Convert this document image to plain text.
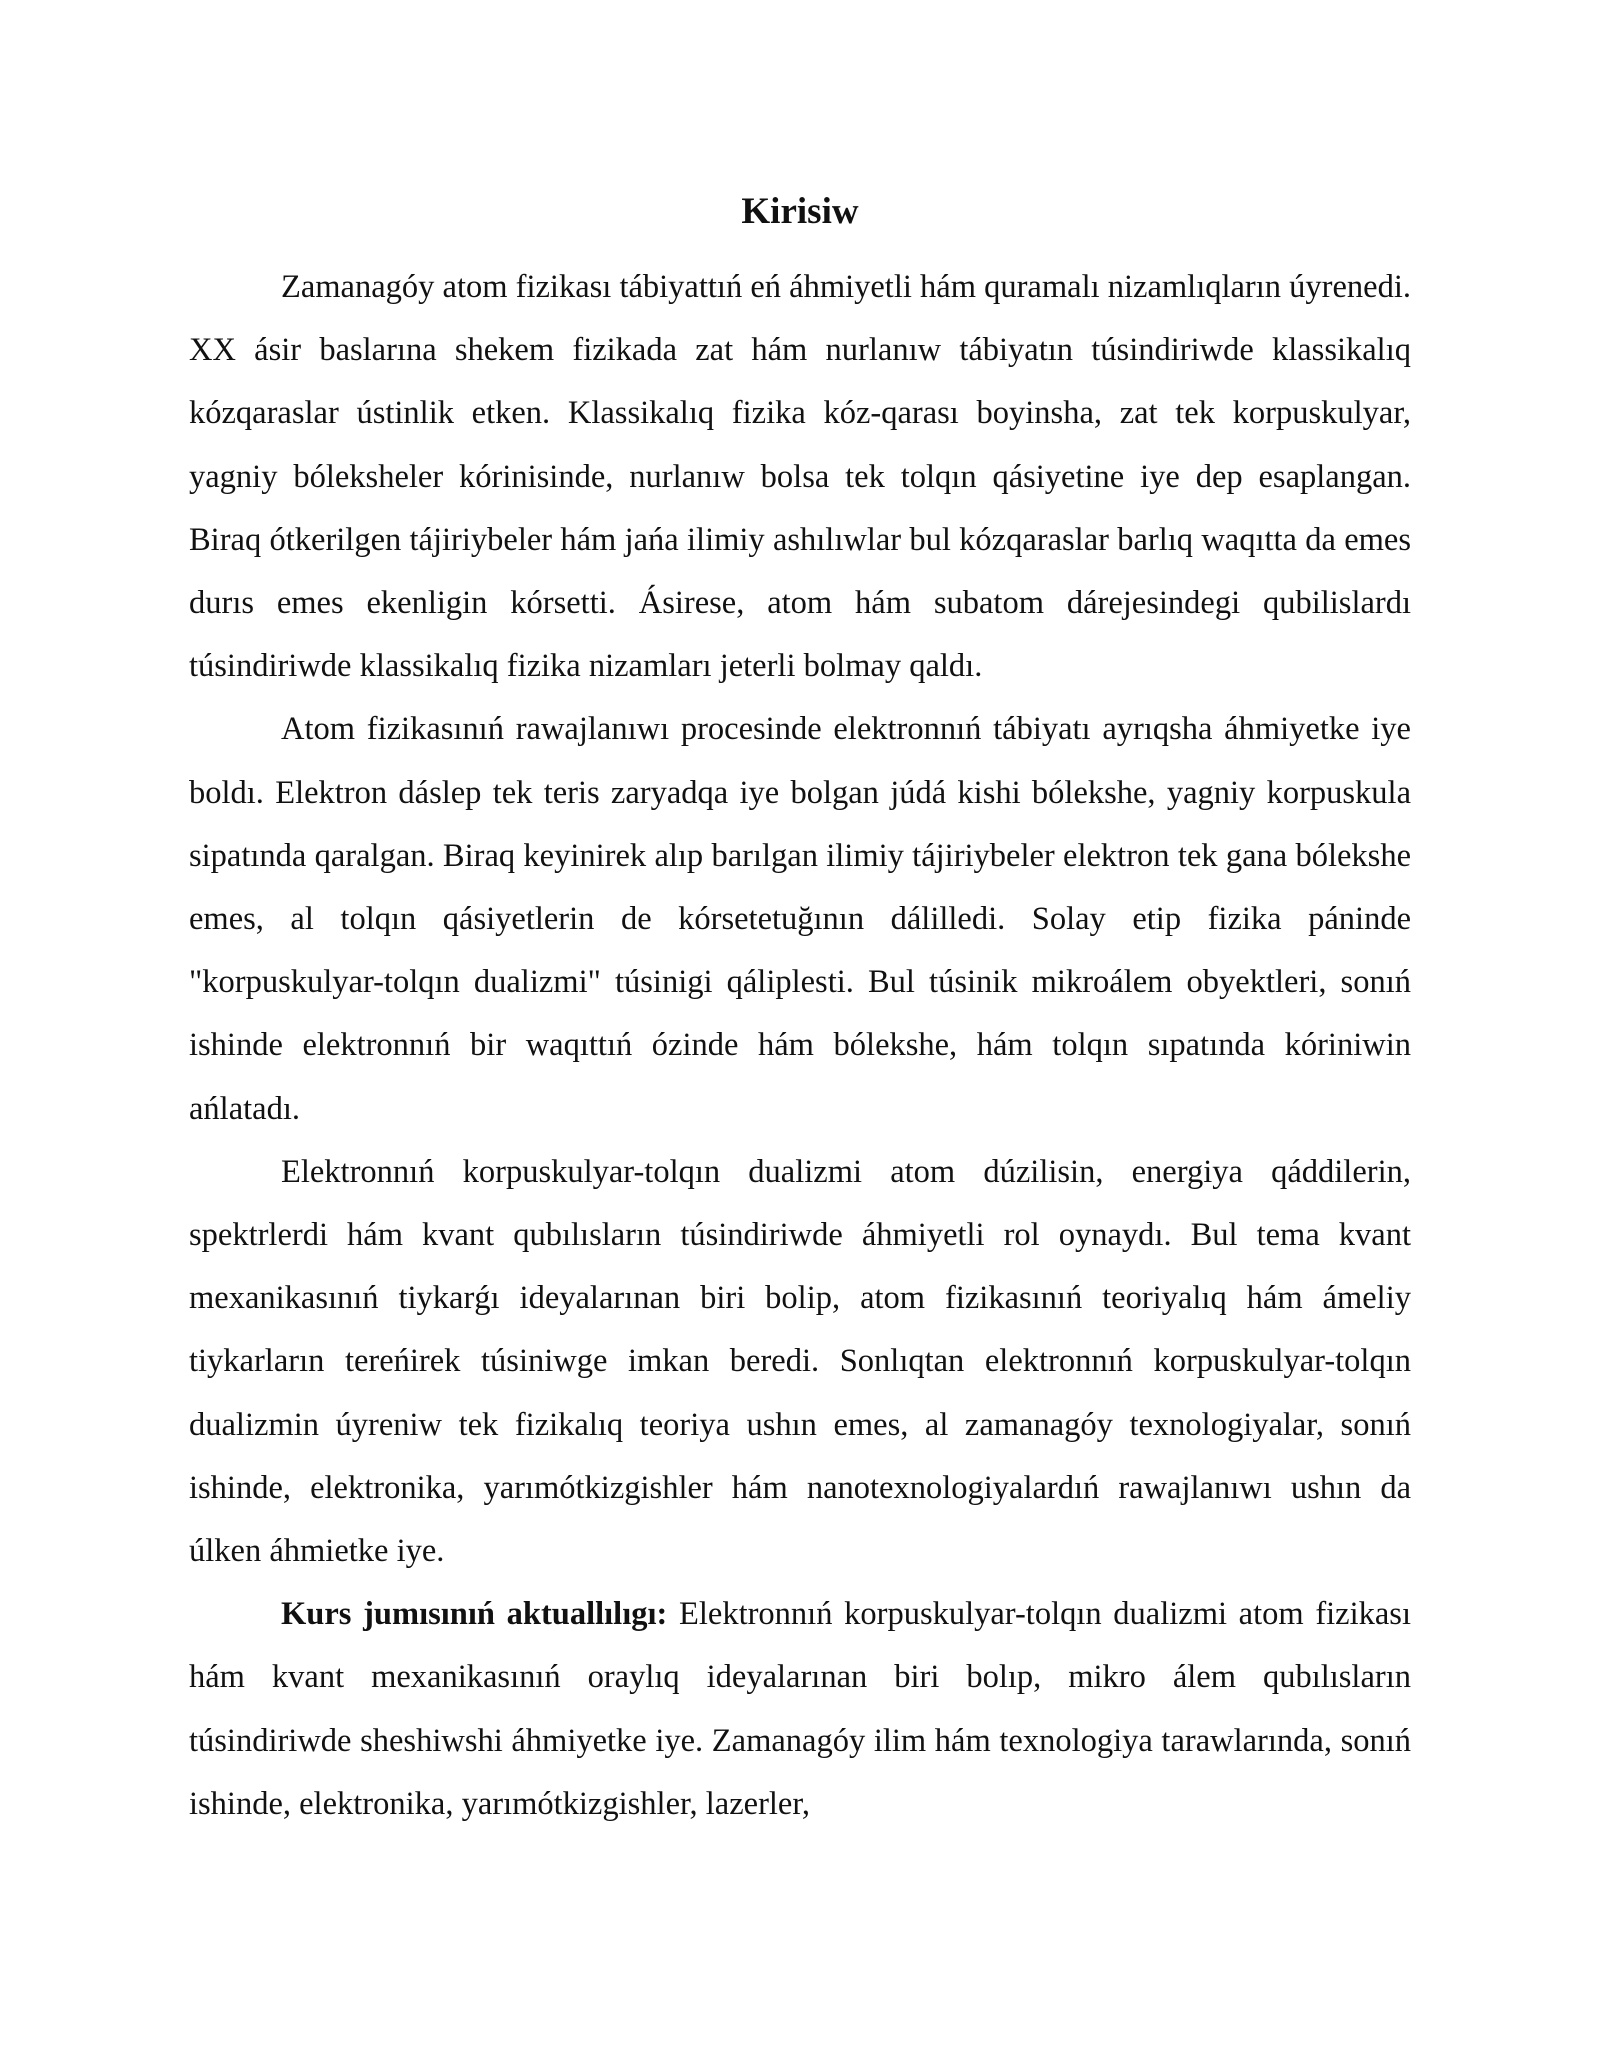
Kirisiw

Zamanagóy atom fizikası tábiyattıń eń áhmiyetli hám quramalı nizamlıqların úyrenedi. XX ásir baslarına shekem fizikada zat hám nurlanıw tábiyatın túsindiriwde klassikalıq kózqaraslar ústinlik etken. Klassikalıq fizika kóz-qarası boyinsha, zat tek korpuskulyar, yagniy bóleksheler kórinisinde, nurlanıw bolsa tek tolqın qásiyetine iye dep esaplangan. Biraq ótkerilgen tájiriybeler hám jańa ilimiy ashılıwlar bul kózqaraslar barlıq waqıtta da emes durıs emes ekenligin kórsetti. Ásirese, atom hám subatom dárejesindegi qubilislardı túsindiriwde klassikalıq fizika nizamları jeterli bolmay qaldı.

Atom fizikasınıń rawajlanıwı procesinde elektronnıń tábiyatı ayrıqsha áhmiyetke iye boldı. Elektron dáslep tek teris zaryadqa iye bolgan júdá kishi bólekshe, yagniy korpuskula sipatında qaralgan. Biraq keyinirek alıp barılgan ilimiy tájiriybeler elektron tek gana bólekshe emes, al tolqın qásiyetlerin de kórsetetuğının dálilledi. Solay etip fizika páninde "korpuskulyar-tolqın dualizmi" túsinigi qáliplesti. Bul túsinik mikroálem obyektleri, sonıń ishinde elektronnıń bir waqıttıń ózinde hám bólekshe, hám tolqın sıpatında kóriniwin ańlatadı.

Elektronnıń korpuskulyar-tolqın dualizmi atom dúzilisin, energiya qáddilerin, spektrlerdi hám kvant qubılısların túsindiriwde áhmiyetli rol oynaydı. Bul tema kvant mexanikasınıń tiykarǵı ideyalarınan biri bolip, atom fizikasınıń teoriyalıq hám ámeliy tiykarların tereńirek túsiniwge imkan beredi. Sonlıqtan elektronnıń korpuskulyar-tolqın dualizmin úyreniw tek fizikalıq teoriya ushın emes, al zamanagóy texnologiyalar, sonıń ishinde, elektronika, yarımótkizgishler hám nanotexnologiyalardıń rawajlanıwı ushın da úlken áhmietke iye.

Kurs jumısınıń aktuallılıgı: Elektronnıń korpuskulyar-tolqın dualizmi atom fizikası hám kvant mexanikasınıń oraylıq ideyalarınan biri bolıp, mikro álem qubılısların túsindiriwde sheshiwshi áhmiyetke iye. Zamanagóy ilim hám texnologiya tarawlarında, sonıń ishinde, elektronika, yarımótkizgishler, lazerler,
